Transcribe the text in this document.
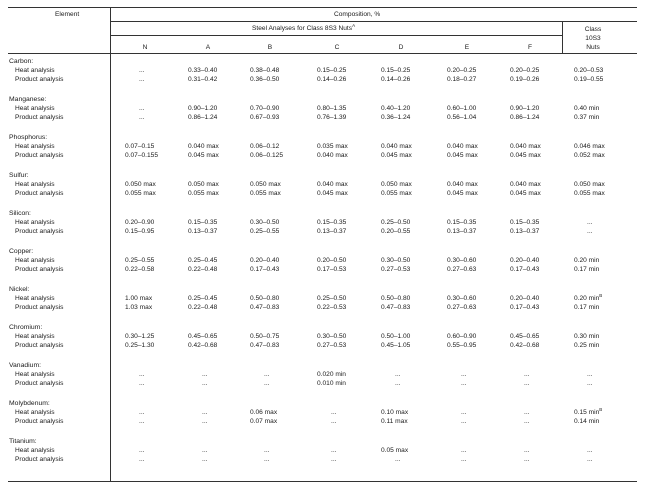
Element	Composition, %
Steel Analyses for Class 8S3 Nuts$^A$
Class
10S3
Nuts
N	A	B	C	D	E	F
Carbon:
Heat analysis	...	0.33–0.40	0.38–0.48	0.15–0.25	0.15–0.25	0.20–0.25	0.20–0.25	0.20–0.53
Product analysis	...	0.31–0.42	0.36–0.50	0.14–0.26	0.14–0.26	0.18–0.27	0.19–0.26	0.19–0.55
Manganese:
Heat analysis	...	0.90–1.20	0.70–0.90	0.80–1.35	0.40–1.20	0.60–1.00	0.90–1.20	0.40 min
Product analysis	...	0.86–1.24	0.67–0.93	0.76–1.39	0.36–1.24	0.56–1.04	0.86–1.24	0.37 min
Phosphorus:
Heat analysis	0.07–0.15	0.040 max	0.06–0.12	0.035 max	0.040 max	0.040 max	0.040 max	0.046 max
Product analysis	0.07–0.155	0.045 max	0.06–0.125	0.040 max	0.045 max	0.045 max	0.045 max	0.052 max
Sulfur:
Heat analysis	0.050 max	0.050 max	0.050 max	0.040 max	0.050 max	0.040 max	0.040 max	0.050 max
Product analysis	0.055 max	0.055 max	0.055 max	0.045 max	0.055 max	0.045 max	0.045 max	0.055 max
Silicon:
Heat analysis	0.20–0.90	0.15–0.35	0.30–0.50	0.15–0.35	0.25–0.50	0.15–0.35	0.15–0.35	...
Product analysis	0.15–0.95	0.13–0.37	0.25–0.55	0.13–0.37	0.20–0.55	0.13–0.37	0.13–0.37	...
Copper:
Heat analysis	0.25–0.55	0.25–0.45	0.20–0.40	0.20–0.50	0.30–0.50	0.30–0.60	0.20–0.40	0.20 min
Product analysis	0.22–0.58	0.22–0.48	0.17–0.43	0.17–0.53	0.27–0.53	0.27–0.63	0.17–0.43	0.17 min
Nickel:
Heat analysis	1.00 max	0.25–0.45	0.50–0.80	0.25–0.50	0.50–0.80	0.30–0.60	0.20–0.40	0.20 $\min^B$
Product analysis	1.03 max	0.22–0.48	0.47–0.83	0.22–0.53	0.47–0.83	0.27–0.63	0.17–0.43	0.17 min
Chromium:
Heat analysis	0.30–1.25	0.45–0.65	0.50–0.75	0.30–0.50	0.50–1.00	0.60–0.90	0.45–0.65	0.30 min
Product analysis	0.25–1.30	0.42–0.68	0.47–0.83	0.27–0.53	0.45–1.05	0.55–0.95	0.42–0.68	0.25 min
Vanadium:
Heat analysis	...	...	...	0.020 min	...	...	...	...
Product analysis	...	...	...	0.010 min	...	...	...	...
Molybdenum:
Heat analysis	...	...	0.06 max	...	0.10 max	...	...	0.15 $\min^B$
Product analysis	...	...	0.07 max	...	0.11 max	...	...	0.14 min
Titanium:
Heat analysis	...	...	...	...	0.05 max	...	...	...
Product analysis	...	...	...	...	...	...	...	...
